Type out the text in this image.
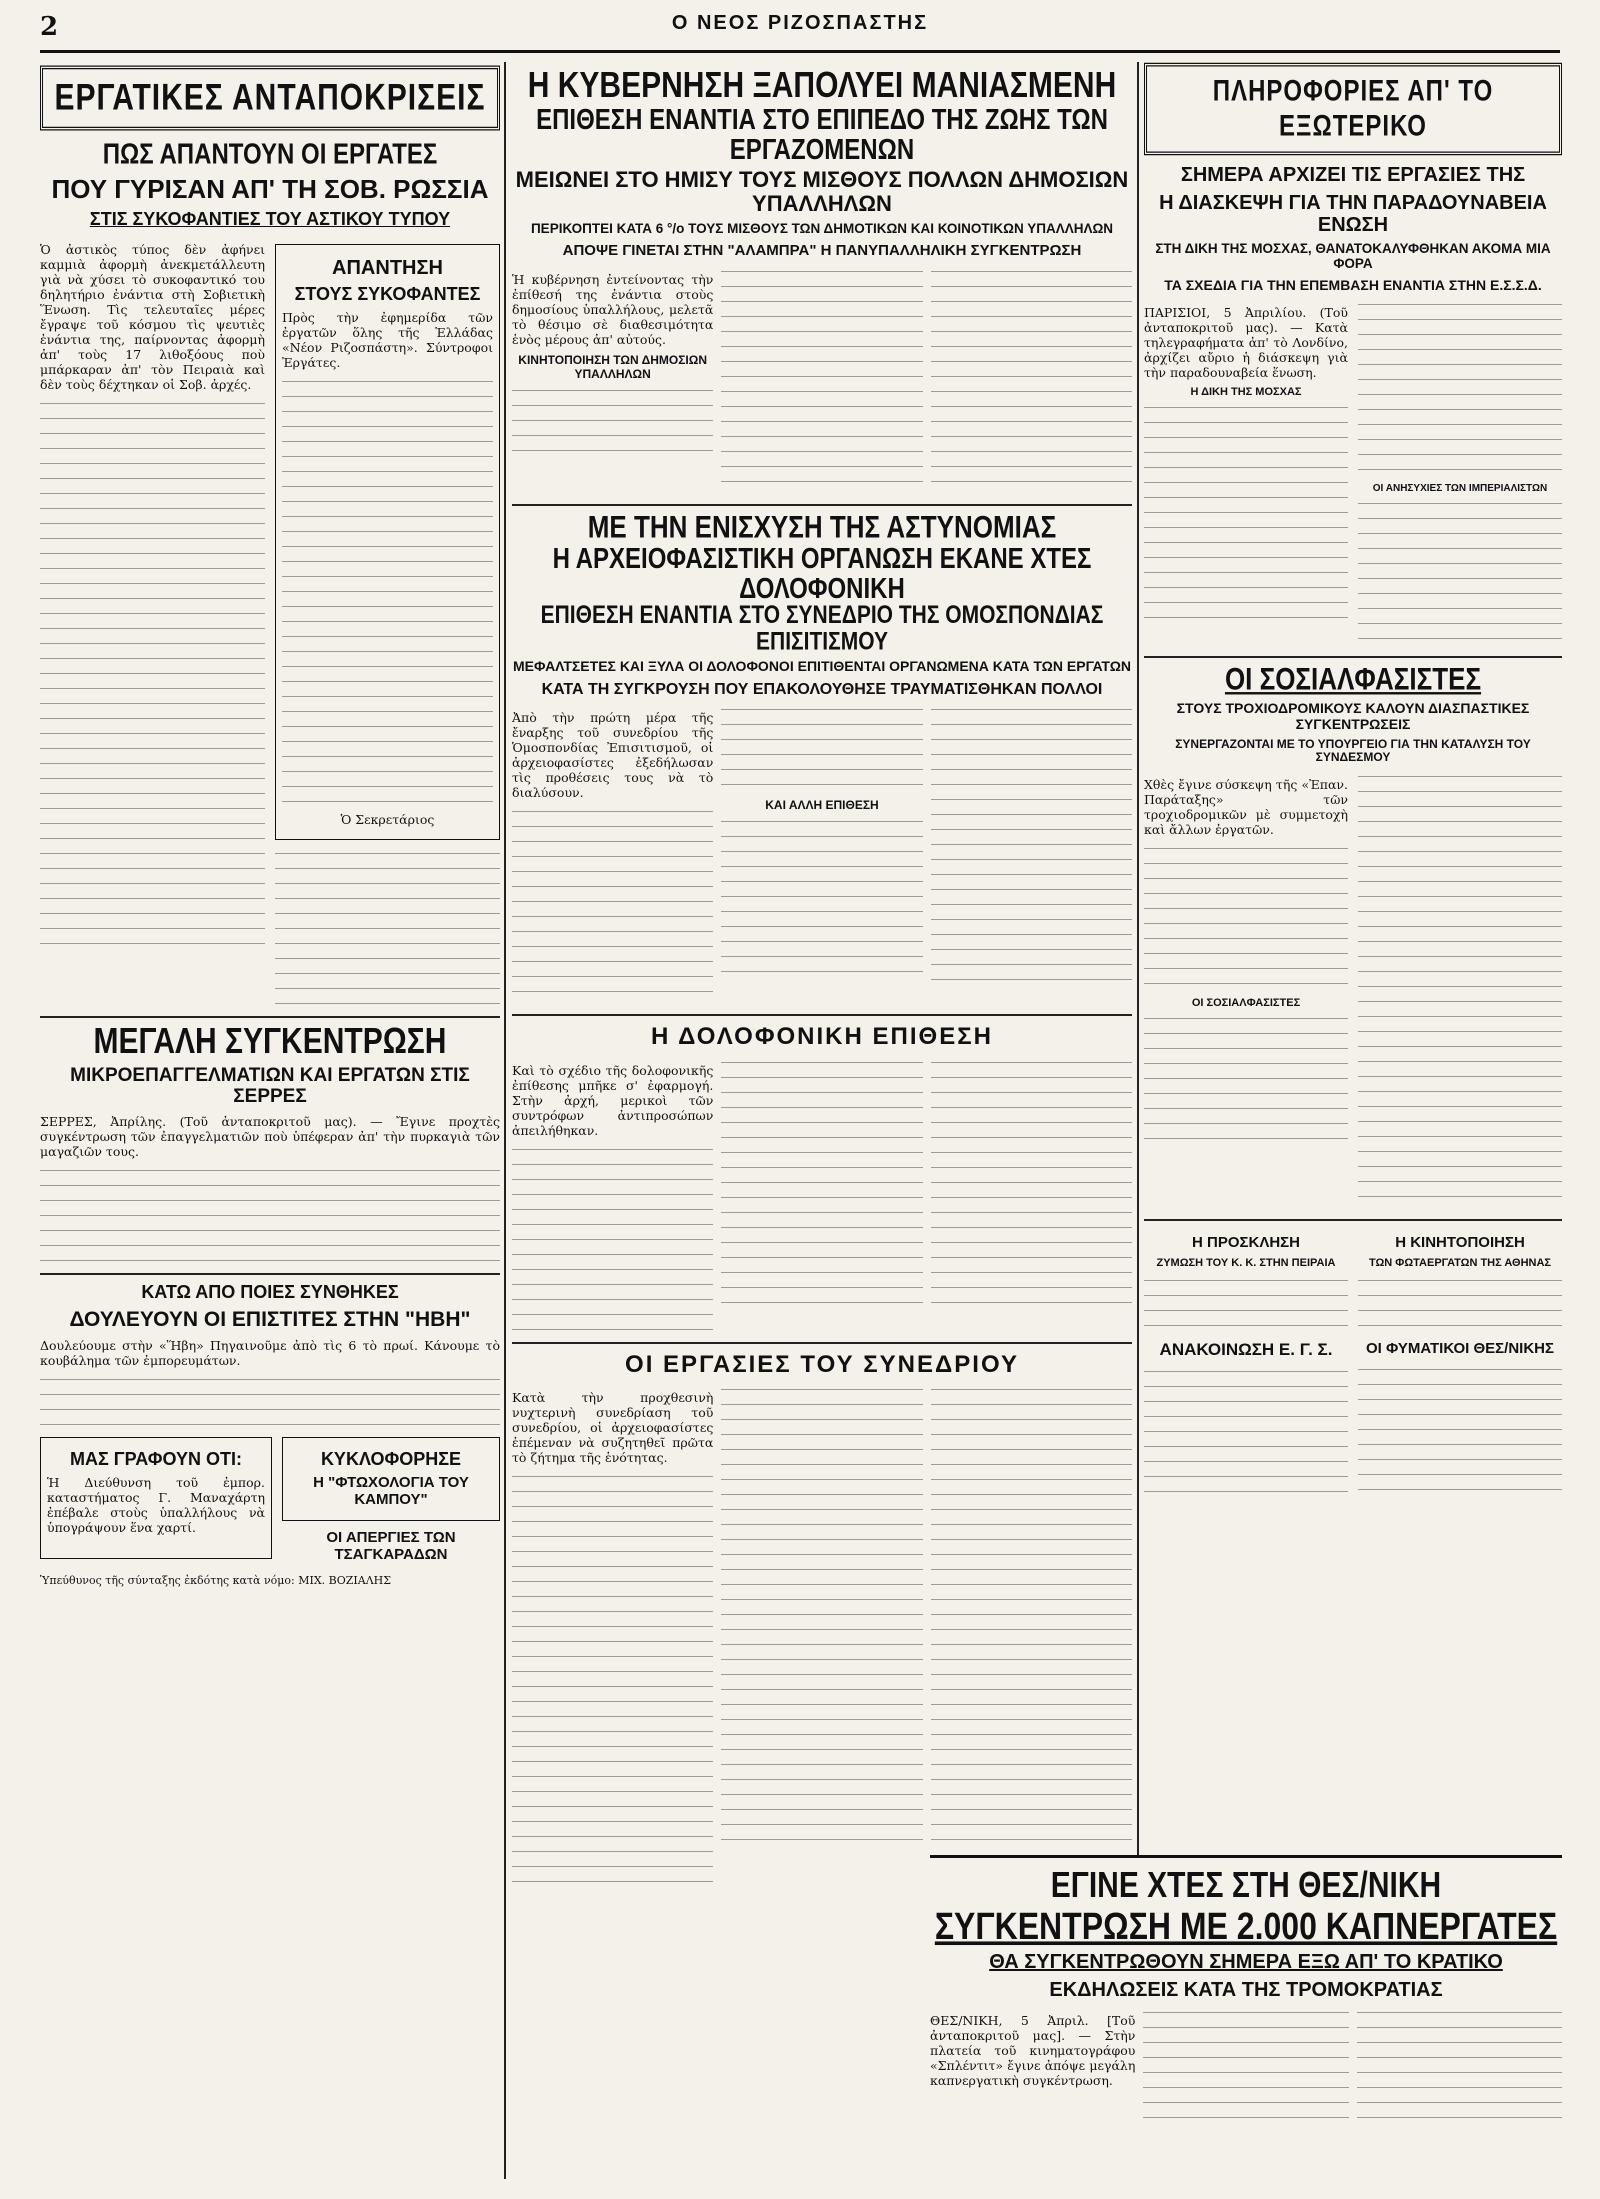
2	Ο ΝΕΟΣ ΡΙΖΟΣΠΑΣΤΗΣ
ΕΡΓΑΤΙΚΕΣ ΑΝΤΑΠΟΚΡΙΣΕΙΣ
ΠΩΣ ΑΠΑΝΤΟΥΝ ΟΙ ΕΡΓΑΤΕΣ
ΠΟΥ ΓΥΡΙΣΑΝ ΑΠ' ΤΗ ΣΟΒ. ΡΩΣΣΙΑ
ΣΤΙΣ ΣΥΚΟΦΑΝΤΙΕΣ ΤΟΥ ΑΣΤΙΚΟΥ ΤΥΠΟΥ

Ὁ ἀστικὸς τύπος δὲν ἀφήνει καμμιὰ ἀφορμὴ ἀνεκμετάλλευτη γιὰ νὰ χύσει τὸ συκοφαντικό του δηλητήριο ἐνάντια στὴ Σοβιετικὴ Ἕνωση. Τὶς τελευταῖες μέρες ἔγραψε τοῦ κόσμου τὶς ψευτιὲς ἐνάντια της, παίρνοντας ἀφορμὴ ἀπ' τοὺς 17 λιθοξόους ποὺ μπάρκαραν ἀπ' τὸν Πειραιὰ καὶ δὲν τοὺς δέχτηκαν οἱ Σοβ. ἀρχές.

ΑΠΑΝΤΗΣΗ
ΣΤΟΥΣ ΣΥΚΟΦΑΝΤΕΣ

Πρὸς τὴν ἐφημερίδα τῶν ἐργατῶν ὅλης τῆς Ἑλλάδας «Νέον Ριζοσπάστη». Σύντροφοι Ἐργάτες.

Ὁ Σεκρετάριος

ΜΕΓΑΛΗ ΣΥΓΚΕΝΤΡΩΣΗ
ΜΙΚΡΟΕΠΑΓΓΕΛΜΑΤΙΩΝ ΚΑΙ ΕΡΓΑΤΩΝ ΣΤΙΣ ΣΕΡΡΕΣ

ΣΕΡΡΕΣ, Ἀπρίλης. (Τοῦ ἀνταποκριτοῦ μας). — Ἔγινε προχτὲς συγκέντρωση τῶν ἐπαγγελματιῶν ποὺ ὑπέφεραν ἀπ' τὴν πυρκαγιὰ τῶν μαγαζιῶν τους.

ΚΑΤΩ ΑΠΟ ΠΟΙΕΣ ΣΥΝΘΗΚΕΣ
ΔΟΥΛΕΥΟΥΝ ΟΙ ΕΠΙΣΤΙΤΕΣ ΣΤΗΝ "ΗΒΗ"

Δουλεύουμε στὴν «Ἥβη» Πηγαινοῦμε ἀπὸ τὶς 6 τὸ πρωί. Κάνουμε τὸ κουβάλημα τῶν ἐμπορευμάτων.

ΜΑΣ ΓΡΑΦΟΥΝ ΟΤΙ:

Ἡ Διεύθυνση τοῦ ἐμπορ. καταστήματος Γ. Μαναχάρτη ἐπέβαλε στοὺς ὑπαλλήλους νὰ ὑπογράψουν ἕνα χαρτί.

ΚΥΚΛΟΦΟΡΗΣΕ
Η "ΦΤΩΧΟΛΟΓΙΑ ΤΟΥ ΚΑΜΠΟΥ"
ΟΙ ΑΠΕΡΓΙΕΣ ΤΩΝ ΤΣΑΓΚΑΡΑΔΩΝ

Ὑπεύθυνος τῆς σύνταξης ἐκδότης κατὰ νόμο: ΜΙΧ. ΒΟΖΙΑΛΗΣ

Η ΚΥΒΕΡΝΗΣΗ ΞΑΠΟΛΥΕΙ ΜΑΝΙΑΣΜΕΝΗ
ΕΠΙΘΕΣΗ ΕΝΑΝΤΙΑ ΣΤΟ ΕΠΙΠΕΔΟ ΤΗΣ ΖΩΗΣ ΤΩΝ ΕΡΓΑΖΟΜΕΝΩΝ
ΜΕΙΩΝΕΙ ΣΤΟ ΗΜΙΣΥ ΤΟΥΣ ΜΙΣΘΟΥΣ ΠΟΛΛΩΝ ΔΗΜΟΣΙΩΝ ΥΠΑΛΛΗΛΩΝ
ΠΕΡΙΚΟΠΤΕΙ ΚΑΤΑ 6 °/o ΤΟΥΣ ΜΙΣΘΟΥΣ ΤΩΝ ΔΗΜΟΤΙΚΩΝ ΚΑΙ ΚΟΙΝΟΤΙΚΩΝ ΥΠΑΛΛΗΛΩΝ
ΑΠΟΨΕ ΓΙΝΕΤΑΙ ΣΤΗΝ "ΑΛΑΜΠΡΑ" Η ΠΑΝΥΠΑΛΛΗΛΙΚΗ ΣΥΓΚΕΝΤΡΩΣΗ

Ἡ κυβέρνηση ἐντείνοντας τὴν ἐπίθεσή της ἐνάντια στοὺς δημοσίους ὑπαλλήλους, μελετᾶ τὸ θέσιμο σὲ διαθεσιμότητα ἑνὸς μέρους ἀπ' αὐτούς.

ΚΙΝΗΤΟΠΟΙΗΣΗ ΤΩΝ ΔΗΜΟΣΙΩΝ ΥΠΑΛΛΗΛΩΝ
ΜΕ ΤΗΝ ΕΝΙΣΧΥΣΗ ΤΗΣ ΑΣΤΥΝΟΜΙΑΣ
Η ΑΡΧΕΙΟΦΑΣΙΣΤΙΚΗ ΟΡΓΑΝΩΣΗ ΕΚΑΝΕ ΧΤΕΣ ΔΟΛΟΦΟΝΙΚΗ
ΕΠΙΘΕΣΗ ΕΝΑΝΤΙΑ ΣΤΟ ΣΥΝΕΔΡΙΟ ΤΗΣ ΟΜΟΣΠΟΝΔΙΑΣ ΕΠΙΣΙΤΙΣΜΟΥ
ΜΕΦΑΛΤΣΕΤΕΣ ΚΑΙ ΞΥΛΑ ΟΙ ΔΟΛΟΦΟΝΟΙ ΕΠΙΤΙΘΕΝΤΑΙ ΟΡΓΑΝΩΜΕΝΑ ΚΑΤΑ ΤΩΝ ΕΡΓΑΤΩΝ
ΚΑΤΑ ΤΗ ΣΥΓΚΡΟΥΣΗ ΠΟΥ ΕΠΑΚΟΛΟΥΘΗΣΕ ΤΡΑΥΜΑΤΙΣΘΗΚΑΝ ΠΟΛΛΟΙ

Ἀπὸ τὴν πρώτη μέρα τῆς ἔναρξης τοῦ συνεδρίου τῆς Ὁμοσπονδίας Ἐπισιτισμοῦ, οἱ ἀρχειοφασίστες ἐξεδήλωσαν τὶς προθέσεις τους νὰ τὸ διαλύσουν.

ΚΑΙ ΑΛΛΗ ΕΠΙΘΕΣΗ
Η ΔΟΛΟΦΟΝΙΚΗ ΕΠΙΘΕΣΗ

Καὶ τὸ σχέδιο τῆς δολοφονικῆς ἐπίθεσης μπῆκε σ' ἐφαρμογή. Στὴν ἀρχή, μερικοὶ τῶν συντρόφων ἀντιπροσώπων ἀπειλήθηκαν.

ΟΙ ΕΡΓΑΣΙΕΣ ΤΟΥ ΣΥΝΕΔΡΙΟΥ

Κατὰ τὴν προχθεσινὴ νυχτερινὴ συνεδρίαση τοῦ συνεδρίου, οἱ ἀρχειοφασίστες ἐπέμεναν νὰ συζητηθεῖ πρῶτα τὸ ζήτημα τῆς ἑνότητας.

ΠΛΗΡΟΦΟΡΙΕΣ ΑΠ' ΤΟ ΕΞΩΤΕΡΙΚΟ
ΣΗΜΕΡΑ ΑΡΧΙΖΕΙ ΤΙΣ ΕΡΓΑΣΙΕΣ ΤΗΣ
Η ΔΙΑΣΚΕΨΗ ΓΙΑ ΤΗΝ ΠΑΡΑΔΟΥΝΑΒΕΙΑ ΕΝΩΣΗ
ΣΤΗ ΔΙΚΗ ΤΗΣ ΜΟΣΧΑΣ, ΘΑΝΑΤΟΚΑΛΥΦΘΗΚΑΝ ΑΚΟΜΑ ΜΙΑ ΦΟΡΑ
ΤΑ ΣΧΕΔΙΑ ΓΙΑ ΤΗΝ ΕΠΕΜΒΑΣΗ ΕΝΑΝΤΙΑ ΣΤΗΝ Ε.Σ.Σ.Δ.

ΠΑΡΙΣΙΟΙ, 5 Ἀπριλίου. (Τοῦ ἀνταποκριτοῦ μας). — Κατὰ τηλεγραφήματα ἀπ' τὸ Λονδίνο, ἀρχίζει αὔριο ἡ διάσκεψη γιὰ τὴν παραδουναβεία ἕνωση.

Η ΔΙΚΗ ΤΗΣ ΜΟΣΧΑΣ
ΟΙ ΑΝΗΣΥΧΙΕΣ ΤΩΝ ΙΜΠΕΡΙΑΛΙΣΤΩΝ
ΟΙ ΣΟΣΙΑΛΦΑΣΙΣΤΕΣ
ΣΤΟΥΣ ΤΡΟΧΙΟΔΡΟΜΙΚΟΥΣ ΚΑΛΟΥΝ ΔΙΑΣΠΑΣΤΙΚΕΣ ΣΥΓΚΕΝΤΡΩΣΕΙΣ
ΣΥΝΕΡΓΑΖΟΝΤΑΙ ΜΕ ΤΟ ΥΠΟΥΡΓΕΙΟ ΓΙΑ ΤΗΝ ΚΑΤΑΛΥΣΗ ΤΟΥ ΣΥΝΔΕΣΜΟΥ

Χθὲς ἔγινε σύσκεψη τῆς «Ἐπαν. Παράταξης» τῶν τροχιοδρομικῶν μὲ συμμετοχὴ καὶ ἄλλων ἐργατῶν.

ΟΙ ΣΟΣΙΑΛΦΑΣΙΣΤΕΣ
Η ΠΡΟΣΚΛΗΣΗ
ΖΥΜΩΣΗ ΤΟΥ Κ. Κ. ΣΤΗΝ ΠΕΙΡΑΙΑ
ΑΝΑΚΟΙΝΩΣΗ Ε. Γ. Σ.
Η ΚΙΝΗΤΟΠΟΙΗΣΗ
ΤΩΝ ΦΩΤΑΕΡΓΑΤΩΝ ΤΗΣ ΑΘΗΝΑΣ
ΟΙ ΦΥΜΑΤΙΚΟΙ ΘΕΣ/ΝΙΚΗΣ
ΕΓΙΝΕ ΧΤΕΣ ΣΤΗ ΘΕΣ/ΝΙΚΗ
ΣΥΓΚΕΝΤΡΩΣΗ ΜΕ 2.000 ΚΑΠΝΕΡΓΑΤΕΣ
ΘΑ ΣΥΓΚΕΝΤΡΩΘΟΥΝ ΣΗΜΕΡΑ ΕΞΩ ΑΠ' ΤΟ ΚΡΑΤΙΚΟ
ΕΚΔΗΛΩΣΕΙΣ ΚΑΤΑ ΤΗΣ ΤΡΟΜΟΚΡΑΤΙΑΣ

ΘΕΣ/ΝΙΚΗ, 5 Ἀπριλ. [Τοῦ ἀνταποκριτοῦ μας]. — Στὴν πλατεία τοῦ κινηματογράφου «Σπλέντιτ» ἔγινε ἀπόψε μεγάλη καπνεργατικὴ συγκέντρωση.
